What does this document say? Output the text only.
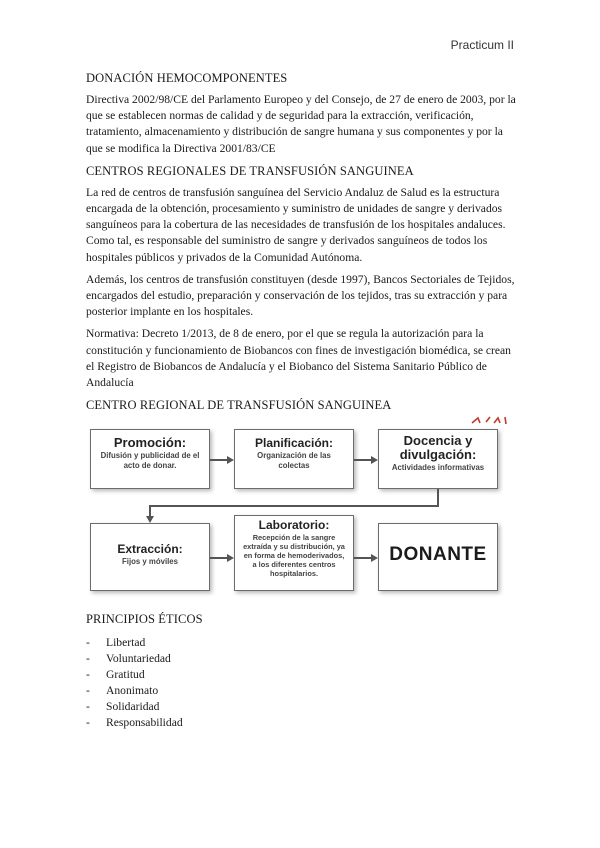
Practicum II
DONACIÓN HEMOCOMPONENTES

Directiva 2002/98/CE del Parlamento Europeo y del Consejo, de 27 de enero de 2003, por la que se establecen normas de calidad y de seguridad para la extracción, verificación, tratamiento, almacenamiento y distribución de sangre humana y sus componentes y por la que se modifica la Directiva 2001/83/CE

CENTROS REGIONALES DE TRANSFUSIÓN SANGUINEA

La red de centros de transfusión sanguínea del Servicio Andaluz de Salud es la estructura encargada de la obtención, procesamiento y suministro de unidades de sangre y derivados sanguíneos para la cobertura de las necesidades de transfusión de los hospitales andaluces. Como tal, es responsable del suministro de sangre y derivados sanguíneos de todos los hospitales públicos y privados de la Comunidad Autónoma.

Además, los centros de transfusión constituyen (desde 1997), Bancos Sectoriales de Tejidos, encargados del estudio, preparación y conservación de los tejidos, tras su extracción y para posterior implante en los hospitales.

Normativa: Decreto 1/2013, de 8 de enero, por el que se regula la autorización para la constitución y funcionamiento de Biobancos con fines de investigación biomédica, se crean el Registro de Biobancos de Andalucía y el Biobanco del Sistema Sanitario Público de Andalucía

CENTRO REGIONAL DE TRANSFUSIÓN SANGUINEA
Promoción:
Difusión y publicidad de el acto de donar.
Planificación:
Organización de las colectas
Docencia y divulgación:
Actividades informativas
Extracción:
Fijos y móviles
Laboratorio:
Recepción de la sangre extraída y su distribución, ya en forma de hemoderivados, a los diferentes centros hospitalarios.
DONANTE
PRINCIPIOS ÉTICOS
- Libertad
- Voluntariedad
- Gratitud
- Anonimato
- Solidaridad
- Responsabilidad
